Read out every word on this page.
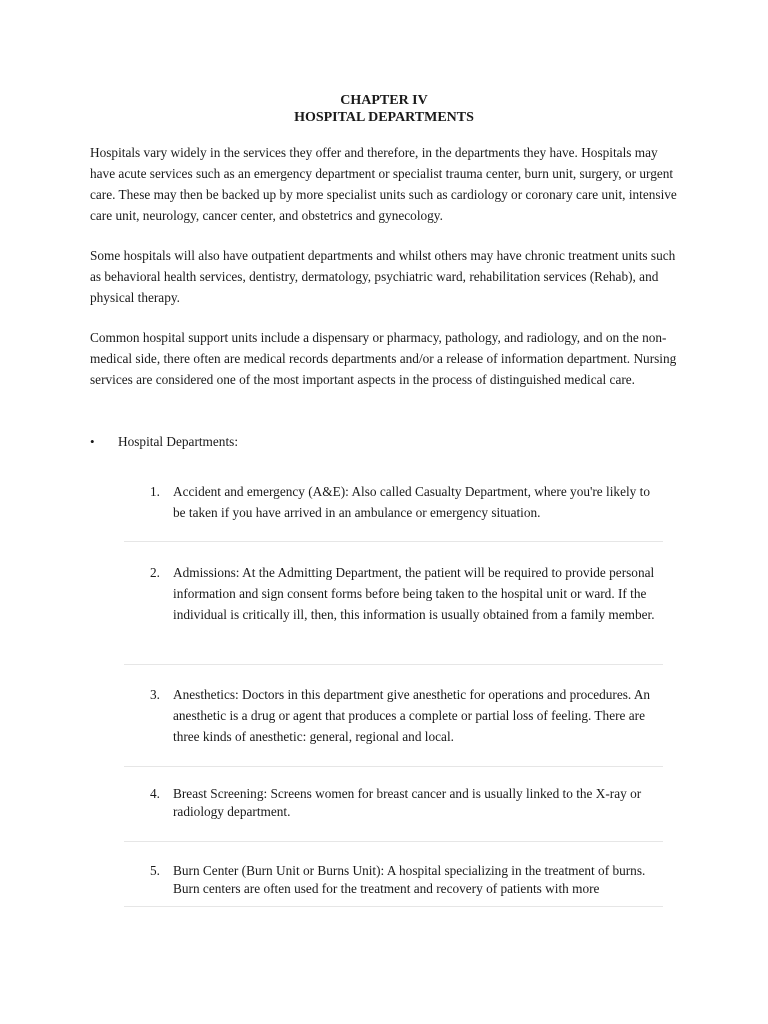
CHAPTER IV
HOSPITAL DEPARTMENTS

Hospitals vary widely in the services they offer and therefore, in the departments they have. Hospitals may have acute services such as an emergency department or specialist trauma center, burn unit, surgery, or urgent care. These may then be backed up by more specialist units such as cardiology or coronary care unit, intensive care unit, neurology, cancer center, and obstetrics and gynecology.

Some hospitals will also have outpatient departments and whilst others may have chronic treatment units such as behavioral health services, dentistry, dermatology, psychiatric ward, rehabilitation services (Rehab), and physical therapy.

Common hospital support units include a dispensary or pharmacy, pathology, and radiology, and on the non-medical side, there often are medical records departments and/or a release of information department. Nursing services are considered one of the most important aspects in the process of distinguished medical care.

• Hospital Departments:
1. Accident and emergency (A&E): Also called Casualty Department, where you're likely to be taken if you have arrived in an ambulance or emergency situation.
2. Admissions: At the Admitting Department, the patient will be required to provide personal information and sign consent forms before being taken to the hospital unit or ward. If the individual is critically ill, then, this information is usually obtained from a family member.
3. Anesthetics: Doctors in this department give anesthetic for operations and procedures. An anesthetic is a drug or agent that produces a complete or partial loss of feeling. There are three kinds of anesthetic: general, regional and local.
4. Breast Screening: Screens women for breast cancer and is usually linked to the X-ray or radiology department.
5. Burn Center (Burn Unit or Burns Unit): A hospital specializing in the treatment of burns. Burn centers are often used for the treatment and recovery of patients with more
